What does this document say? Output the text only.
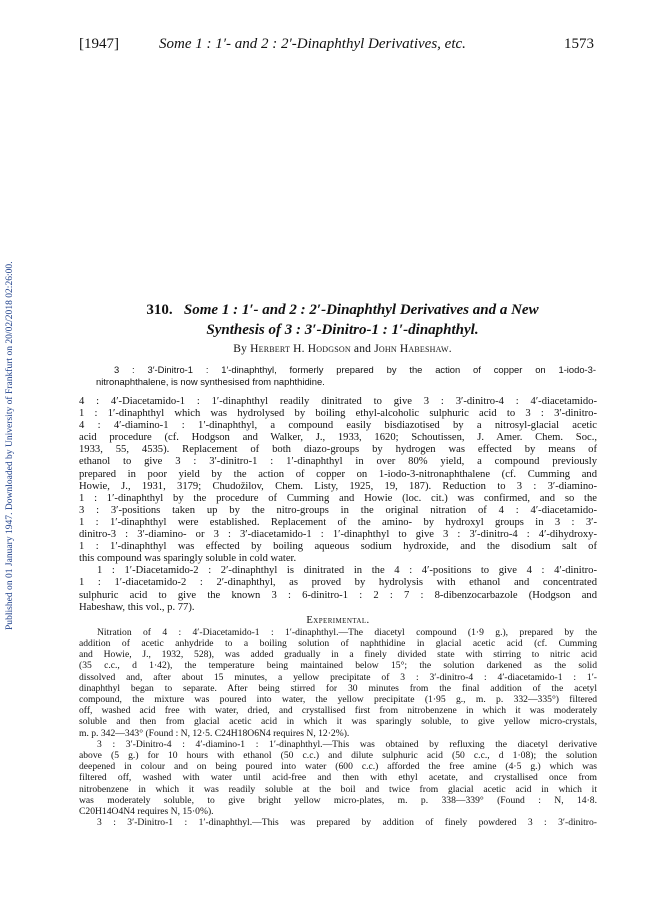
Published on 01 January 1947. Downloaded by University of Frankfurt on 20/02/2018 02:26:00.
[1947]	Some 1 : 1′- and 2 : 2′-Dinaphthyl Derivatives, etc.	1573
310. Some 1 : 1′- and 2 : 2′-Dinaphthyl Derivatives and a New
Synthesis of 3 : 3′-Dinitro-1 : 1′-dinaphthyl.
By Herbert H. Hodgson and John Habeshaw.
3 : 3′-Dinitro-1 : 1′-dinaphthyl, formerly prepared by the action of copper on 1-iodo-3-
nitronaphthalene, is now synthesised from naphthidine.
4 : 4′-Diacetamido-1 : 1′-dinaphthyl readily dinitrated to give 3 : 3′-dinitro-4 : 4′-diacetamido-
1 : 1′-dinaphthyl which was hydrolysed by boiling ethyl-alcoholic sulphuric acid to 3 : 3′-dinitro-
4 : 4′-diamino-1 : 1′-dinaphthyl, a compound easily bisdiazotised by a nitrosyl-glacial acetic
acid procedure (cf. Hodgson and Walker, J., 1933, 1620; Schoutissen, J. Amer. Chem. Soc.,
1933, 55, 4535). Replacement of both diazo-groups by hydrogen was effected by means of
ethanol to give 3 : 3′-dinitro-1 : 1′-dinaphthyl in over 80% yield, a compound previously
prepared in poor yield by the action of copper on 1-iodo-3-nitronaphthalene (cf. Cumming and
Howie, J., 1931, 3179; Chudožilov, Chem. Listy, 1925, 19, 187). Reduction to 3 : 3′-diamino-
1 : 1′-dinaphthyl by the procedure of Cumming and Howie (loc. cit.) was confirmed, and so the
3 : 3′-positions taken up by the nitro-groups in the original nitration of 4 : 4′-diacetamido-
1 : 1′-dinaphthyl were established. Replacement of the amino- by hydroxyl groups in 3 : 3′-
dinitro-3 : 3′-diamino- or 3 : 3′-diacetamido-1 : 1′-dinaphthyl to give 3 : 3′-dinitro-4 : 4′-dihydroxy-
1 : 1′-dinaphthyl was effected by boiling aqueous sodium hydroxide, and the disodium salt of
this compound was sparingly soluble in cold water.
1 : 1′-Diacetamido-2 : 2′-dinaphthyl is dinitrated in the 4 : 4′-positions to give 4 : 4′-dinitro-
1 : 1′-diacetamido-2 : 2′-dinaphthyl, as proved by hydrolysis with ethanol and concentrated
sulphuric acid to give the known 3 : 6-dinitro-1 : 2 : 7 : 8-dibenzocarbazole (Hodgson and
Habeshaw, this vol., p. 77).
Experimental.
Nitration of 4 : 4′-Diacetamido-1 : 1′-dinaphthyl.—The diacetyl compound (1·9 g.), prepared by the
addition of acetic anhydride to a boiling solution of naphthidine in glacial acetic acid (cf. Cumming
and Howie, J., 1932, 528), was added gradually in a finely divided state with stirring to nitric acid
(35 c.c., d 1·42), the temperature being maintained below 15°; the solution darkened as the solid
dissolved and, after about 15 minutes, a yellow precipitate of 3 : 3′-dinitro-4 : 4′-diacetamido-1 : 1′-
dinaphthyl began to separate. After being stirred for 30 minutes from the final addition of the acetyl
compound, the mixture was poured into water, the yellow precipitate (1·95 g., m. p. 332—335°) filtered
off, washed acid free with water, dried, and crystallised first from nitrobenzene in which it was moderately
soluble and then from glacial acetic acid in which it was sparingly soluble, to give yellow micro-crystals,
m. p. 342—343° (Found : N, 12·5. C24H18O6N4 requires N, 12·2%).
3 : 3′-Dinitro-4 : 4′-diamino-1 : 1′-dinaphthyl.—This was obtained by refluxing the diacetyl derivative
above (5 g.) for 10 hours with ethanol (50 c.c.) and dilute sulphuric acid (50 c.c., d 1·08); the solution
deepened in colour and on being poured into water (600 c.c.) afforded the free amine (4·5 g.) which was
filtered off, washed with water until acid-free and then with ethyl acetate, and crystallised once from
nitrobenzene in which it was readily soluble at the boil and twice from glacial acetic acid in which it
was moderately soluble, to give bright yellow micro-plates, m. p. 338—339° (Found : N, 14·8.
C20H14O4N4 requires N, 15·0%).
3 : 3′-Dinitro-1 : 1′-dinaphthyl.—This was prepared by addition of finely powdered 3 : 3′-dinitro-
